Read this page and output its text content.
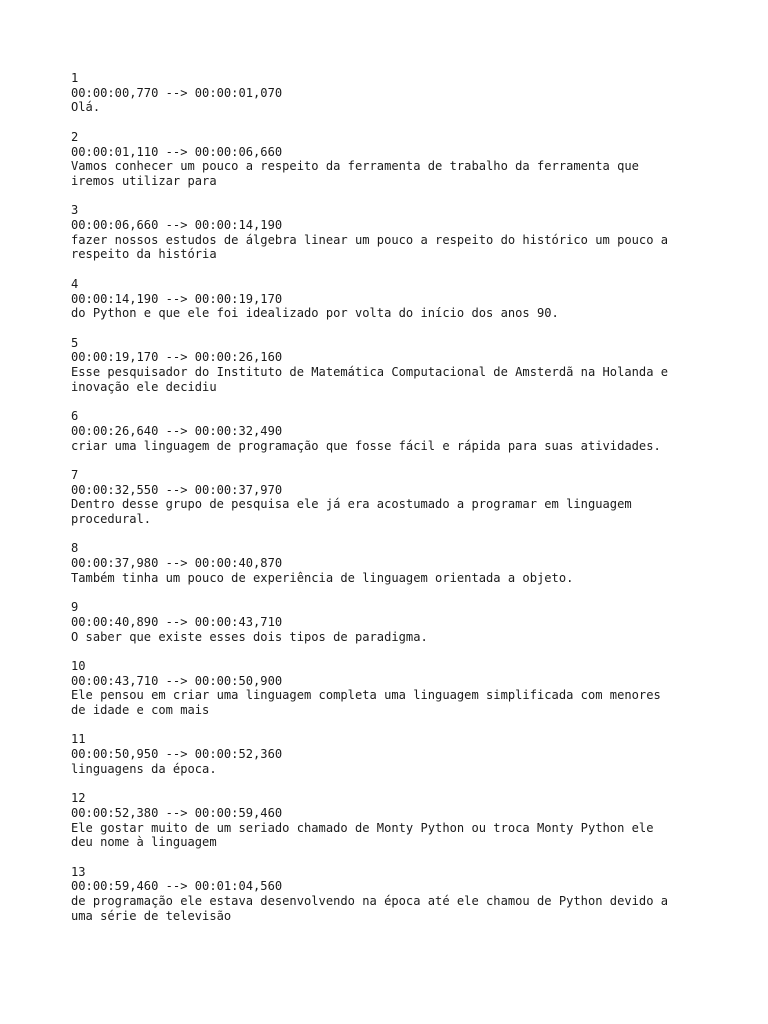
1
00:00:00,770 --> 00:00:01,070
Olá.
2
00:00:01,110 --> 00:00:06,660
Vamos conhecer um pouco a respeito da ferramenta de trabalho da ferramenta que
iremos utilizar para
3
00:00:06,660 --> 00:00:14,190
fazer nossos estudos de álgebra linear um pouco a respeito do histórico um pouco a
respeito da história
4
00:00:14,190 --> 00:00:19,170
do Python e que ele foi idealizado por volta do início dos anos 90.
5
00:00:19,170 --> 00:00:26,160
Esse pesquisador do Instituto de Matemática Computacional de Amsterdã na Holanda e
inovação ele decidiu
6
00:00:26,640 --> 00:00:32,490
criar uma linguagem de programação que fosse fácil e rápida para suas atividades.
7
00:00:32,550 --> 00:00:37,970
Dentro desse grupo de pesquisa ele já era acostumado a programar em linguagem
procedural.
8
00:00:37,980 --> 00:00:40,870
Também tinha um pouco de experiência de linguagem orientada a objeto.
9
00:00:40,890 --> 00:00:43,710
O saber que existe esses dois tipos de paradigma.
10
00:00:43,710 --> 00:00:50,900
Ele pensou em criar uma linguagem completa uma linguagem simplificada com menores
de idade e com mais
11
00:00:50,950 --> 00:00:52,360
linguagens da época.
12
00:00:52,380 --> 00:00:59,460
Ele gostar muito de um seriado chamado de Monty Python ou troca Monty Python ele
deu nome à linguagem
13
00:00:59,460 --> 00:01:04,560
de programação ele estava desenvolvendo na época até ele chamou de Python devido a
uma série de televisão
